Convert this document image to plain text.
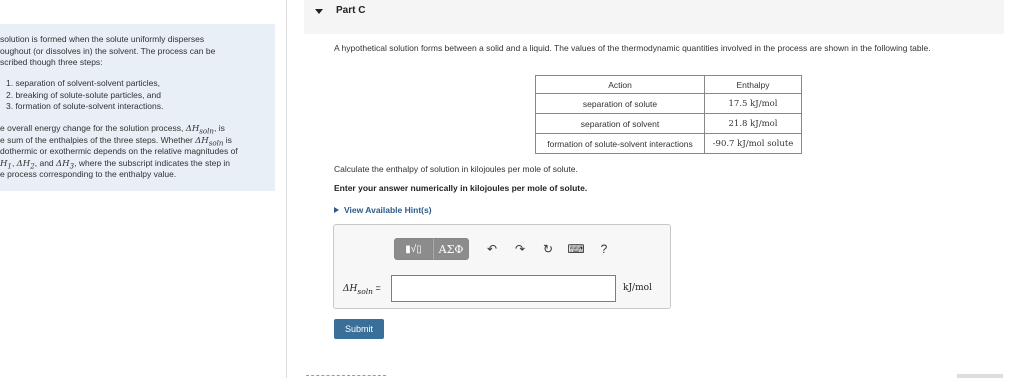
solution is formed when the solute uniformly disperses
oughout (or dissolves in) the solvent. The process can be
scribed though three steps:
1. separation of solvent-solvent particles,
2. breaking of solute-solute particles, and
3. formation of solute-solvent interactions.
e overall energy change for the solution process, $\Delta H_{soln}$, is
e sum of the enthalpies of the three steps. Whether $\Delta H_{soln}$ is
dothermic or exothermic depends on the relative magnitudes of
$H_1$, $\Delta H_2$, and $\Delta H_3$, where the subscript indicates the step in
e process corresponding to the enthalpy value.
Part C
A hypothetical solution forms between a solid and a liquid. The values of the thermodynamic quantities involved in the process are shown in the following table.
Action	Enthalpy
separation of solute	17.5 kJ/mol
separation of solvent	21.8 kJ/mol
formation of solute-solvent interactions	-90.7 kJ/mol solute
Calculate the enthalpy of solution in kilojoules per mole of solute.
Enter your answer numerically in kilojoules per mole of solute.
View Available Hint(s)
▮√▯	ΑΣΦ	↶	↷	↻	⌨	?
$\Delta H_{soln}$ =	kJ/mol
Submit
